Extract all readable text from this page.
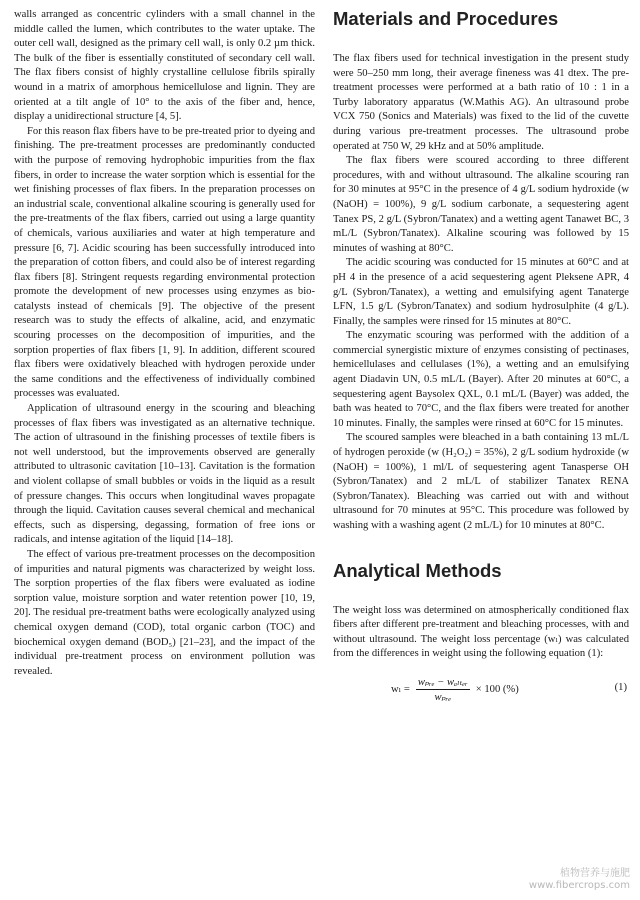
walls arranged as concentric cylinders with a small channel in the middle called the lumen, which contributes to the water uptake. The outer cell wall, designed as the primary cell wall, is only 0.2 µm thick. The bulk of the fiber is essentially constituted of secondary cell wall. The flax fibers consist of highly crystalline cellulose fibrils spirally wound in a matrix of amorphous hemicellulose and lignin. They are oriented at a tilt angle of 10° to the axis of the fiber and, hence, display a unidirectional structure [4, 5].

For this reason flax fibers have to be pre-treated prior to dyeing and finishing. The pre-treatment processes are predominantly conducted with the purpose of removing hydrophobic impurities from the flax fibers, in order to increase the water sorption which is essential for the wet finishing processes of flax fibers. In the preparation processes on an industrial scale, conventional alkaline scouring is generally used for the pre-treatments of the flax fibers, carried out using a large quantity of chemicals, various auxiliaries and water at high temperature and pressure [6, 7]. Acidic scouring has been successfully introduced into the preparation of cotton fibers, and could also be of interest regarding flax fibers [8]. Stringent requests regarding environmental protection promote the development of new processes using enzymes as bio-catalysts instead of chemicals [9]. The objective of the present research was to study the effects of alkaline, acid, and enzymatic scouring processes on the decomposition of impurities, and the sorption properties of flax fibers [1, 9]. In addition, different scoured flax fibers were oxidatively bleached with hydrogen peroxide under the same conditions and the effectiveness of individually combined processes was evaluated.

Application of ultrasound energy in the scouring and bleaching processes of flax fibers was investigated as an alternative technique. The action of ultrasound in the finishing processes of textile fibers is not well understood, but the improvements observed are generally attributed to ultrasonic cavitation [10–13]. Cavitation is the formation and violent collapse of small bubbles or voids in the liquid as a result of pressure changes. This occurs when longitudinal waves propagate through the liquid. Cavitation causes several chemical and mechanical effects, such as dispersing, degassing, formation of free ions or radicals, and intense agitation of the liquid [14–18].

The effect of various pre-treatment processes on the decomposition of impurities and natural pigments was characterized by weight loss. The sorption properties of the flax fibers were evaluated as iodine sorption value, moisture sorption and water retention power [10, 19, 20]. The residual pre-treatment baths were ecologically analyzed using chemical oxygen demand (COD), total organic carbon (TOC) and biochemical oxygen demand (BOD₅) [21–23], and the impact of the individual pre-treatment process on environment pollution was revealed.

Materials and Procedures

The flax fibers used for technical investigation in the present study were 50–250 mm long, their average fineness was 41 dtex. The pre-treatment processes were performed at a bath ratio of 10 : 1 in a Turby laboratory apparatus (W.Mathis AG). An ultrasound probe VCX 750 (Sonics and Materials) was fixed to the lid of the cuvette during various pre-treatment processes. The ultrasound probe operated at 750 W, 29 kHz and at 50% amplitude.

The flax fibers were scoured according to three different procedures, with and without ultrasound. The alkaline scouring ran for 30 minutes at 95°C in the presence of 4 g/L sodium hydroxide (w (NaOH) = 100%), 9 g/L sodium carbonate, a sequestering agent Tanex PS, 2 g/L (Sybron/Tanatex) and a wetting agent Tanawet BC, 3 mL/L (Sybron/Tanatex). Alkaline scouring was followed by 15 minutes of washing at 80°C.

The acidic scouring was conducted for 15 minutes at 60°C and at pH 4 in the presence of a acid sequestering agent Pleksene APR, 4 g/L (Sybron/Tanatex), a wetting and emulsifying agent Tanaterge LFN, 1.5 g/L (Sybron/Tanatex) and sodium hydrosulphite (4 g/L). Finally, the samples were rinsed for 15 minutes at 80°C.

The enzymatic scouring was performed with the addition of a commercial synergistic mixture of enzymes consisting of pectinases, hemicellulases and cellulases (1%), a wetting and an emulsifying agent Diadavin UN, 0.5 mL/L (Bayer). After 20 minutes at 60°C, a sequestering agent Baysolex QXL, 0.1 mL/L (Bayer) was added, the bath was heated to 70°C, and the flax fibers were treated for another 10 minutes. Finally, the samples were rinsed at 60°C for 15 minutes.

The scoured samples were bleached in a bath containing 13 mL/L of hydrogen peroxide (w (H₂O₂) = 35%), 2 g/L sodium hydroxide (w (NaOH) = 100%), 1 ml/L of sequestering agent Tanasperse OH (Sybron/Tanatex) and 2 mL/L of stabilizer Tanatex RENA (Sybron/Tanatex). Bleaching was carried out with and without ultrasound for 70 minutes at 95°C. This procedure was followed by washing with a washing agent (2 mL/L) for 10 minutes at 80°C.

Analytical Methods

The weight loss was determined on atmospherically conditioned flax fibers after different pre-treatment and bleaching processes, with and without ultrasound. The weight loss percentage (wₗ) was calculated from the differences in weight using the following equation (1):

$w_l = \frac{\text{wₚᵣₑ − wₐₗₜₑᵣ}}{\text{wₚᵣₑ}} \times 100$ (%)	(1)
植物营养与施肥
www.fibercrops.com
